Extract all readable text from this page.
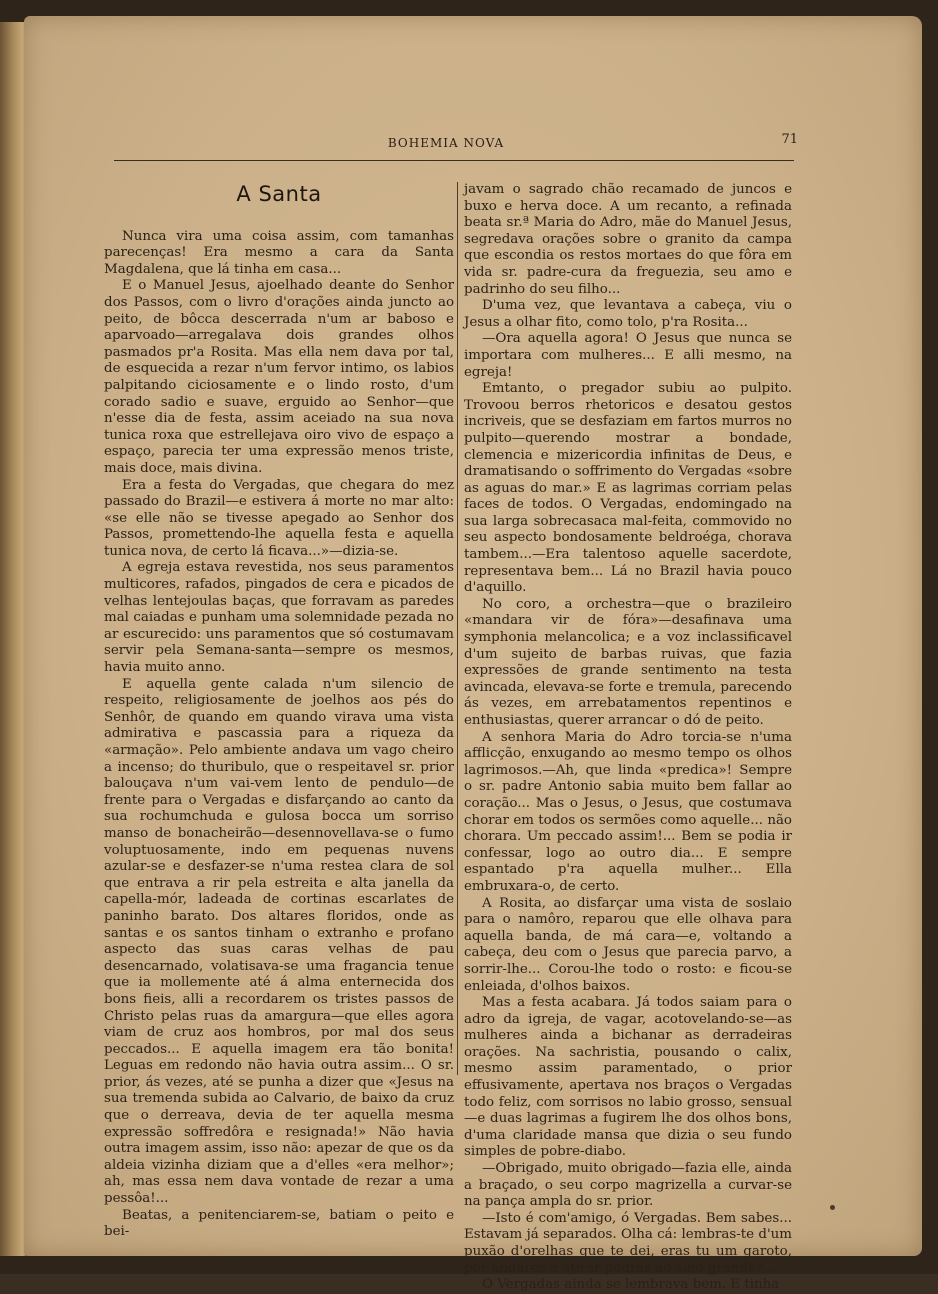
BOHEMIA NOVA	71
A Santa

Nunca vira uma coisa assim, com tamanhas parecenças! Era mesmo a cara da Santa Magdalena, que lá tinha em casa...

E o Manuel Jesus, ajoelhado deante do Senhor dos Passos, com o livro d'orações ainda juncto ao peito, de bôcca descerrada n'um ar baboso e aparvoado—arregalava dois grandes olhos pasmados pr'a Rosita. Mas ella nem dava por tal, de esquecida a rezar n'um fervor intimo, os labios palpitando ciciosamente e o lindo rosto, d'um corado sadio e suave, erguido ao Senhor—que n'esse dia de festa, assim aceiado na sua nova tunica roxa que estrellejava oiro vivo de espaço a espaço, parecia ter uma expressão menos triste, mais doce, mais divina.

Era a festa do Vergadas, que chegara do mez passado do Brazil—e estivera á morte no mar alto: «se elle não se tivesse apegado ao Senhor dos Passos, promettendo-lhe aquella festa e aquella tunica nova, de certo lá ficava...»—dizia-se.

A egreja estava revestida, nos seus paramentos multicores, rafados, pingados de cera e picados de velhas lentejoulas baças, que forravam as paredes mal caiadas e punham uma solemnidade pezada no ar escurecido: uns paramentos que só costumavam servir pela Semana-santa—sempre os mesmos, havia muito anno.

E aquella gente calada n'um silencio de respeito, religiosamente de joelhos aos pés do Senhôr, de quando em quando virava uma vista admirativa e pascassia para a riqueza da «armação». Pelo ambiente andava um vago cheiro a incenso; do thuribulo, que o respeitavel sr. prior balouçava n'um vai-vem lento de pendulo—de frente para o Vergadas e disfarçando ao canto da sua rochumchuda e gulosa bocca um sorriso manso de bonacheirão—desennovellava-se o fumo voluptuosamente, indo em pequenas nuvens azular-se e desfazer-se n'uma resteа clara de sol que entrava a rir pela estreita e alta janella da capella-mór, ladeada de cortinas escarlates de paninho barato. Dos altares floridos, onde as santas e os santos tinham o extranho e profano aspecto das suas caras velhas de pau desencarnado, volatisava-se uma fragancia tenue que ia mollemente até á alma enternecida dos bons fieis, alli a recordarem os tristes passos de Christo pelas ruas da amargura—que elles agora viam de cruz aos hombros, por mal dos seus peccados... E aquella imagem era tão bonita! Leguas em redondo não havia outra assim... O sr. prior, ás vezes, até se punha a dizer que «Jesus na sua tremenda subida ao Calvario, de baixo da cruz que o derreava, devia de ter aquella mesma expressão soffredôra e resignada!» Não havia outra imagem assim, isso não: apezar de que os da aldeia vizinha diziam que a d'elles «era melhor»; ah, mas essa nem dava vontade de rezar a uma pessôa!...

Beatas, a penitenciarem-se, batiam o peito e bei-

javam o sagrado chão recamado de juncos e buxo e herva doce. A um recanto, a refinada beata sr.ª Maria do Adro, mãe do Manuel Jesus, segredava orações sobre o granito da campa que escondia os restos mortaes do que fôra em vida sr. padre-cura da freguezia, seu amo e padrinho do seu filho...

D'uma vez, que levantava a cabeça, viu o Jesus a olhar fito, como tolo, p'ra Rosita...

—Ora aquella agora! O Jesus que nunca se importara com mulheres... E alli mesmo, na egreja!

Emtanto, o pregador subiu ao pulpito. Trovoou berros rhetoricos e desatou gestos incriveis, que se desfaziam em fartos murros no pulpito—querendo mostrar a bondade, clemencia e mizericordia infinitas de Deus, e dramatisando o soffrimento do Vergadas «sobre as aguas do mar.» E as lagrimas corriam pelas faces de todos. O Vergadas, endomingado na sua larga sobrecasaca mal-feita, commovido no seu aspecto bondosamente beldroéga, chorava tambem...—Era talentoso aquelle sacerdote, representava bem... Lá no Brazil havia pouco d'aquillo.

No coro, a orchestra—que o brazileiro «mandara vir de fóra»—desafinava uma symphonia melancolica; e a voz inclassificavel d'um sujeito de barbas ruivas, que fazia expressões de grande sentimento na testa avincada, elevava-se forte e tremula, parecendo ás vezes, em arrebatamentos repentinos e enthusiastas, querer arrancar o dó de peito.

A senhora Maria do Adro torcia-se n'uma afflicção, enxugando ao mesmo tempo os olhos lagrimosos.—Ah, que linda «predica»! Sempre o sr. padre Antonio sabia muito bem fallar ao coração... Mas o Jesus, o Jesus, que costumava chorar em todos os sermões como aquelle... não chorara. Um peccado assim!... Bem se podia ir confessar, logo ao outro dia... E sempre espantado p'ra aquella mulher... Ella embruxara-o, de certo.

A Rosita, ao disfarçar uma vista de soslaio para o namôro, reparou que elle olhava para aquella banda, de má cara—e, voltando a cabeça, deu com o Jesus que parecia parvo, a sorrir-lhe... Corou-lhe todo o rosto: e ficou-se enleiada, d'olhos baixos.

Mas a festa acabara. Já todos saiam para o adro da igreja, de vagar, acotovelando-se—as mulheres ainda a bichanar as derradeiras orações. Na sachristia, pousando o calix, mesmo assim paramentado, o prior effusivamente, apertava nos braços o Vergadas todo feliz, com sorrisos no labio grosso, sensual—e duas lagrimas a fugirem lhe dos olhos bons, d'uma claridade mansa que dizia o seu fundo simples de pobre-diabo.

—Obrigado, muito obrigado—fazia elle, ainda a braçado, o seu corpo magrizella a curvar-se na pança ampla do sr. prior.

—Isto é com'amigo, ó Vergadas. Bem sabes... Estavam já separados. Olha cá: lembras-te d'um puxão d'orelhas que te dei, eras tu um garoto, por andares a atirar pedras ao sino grande?...

O Vergadas ainda se lembrava bem. E tinha
